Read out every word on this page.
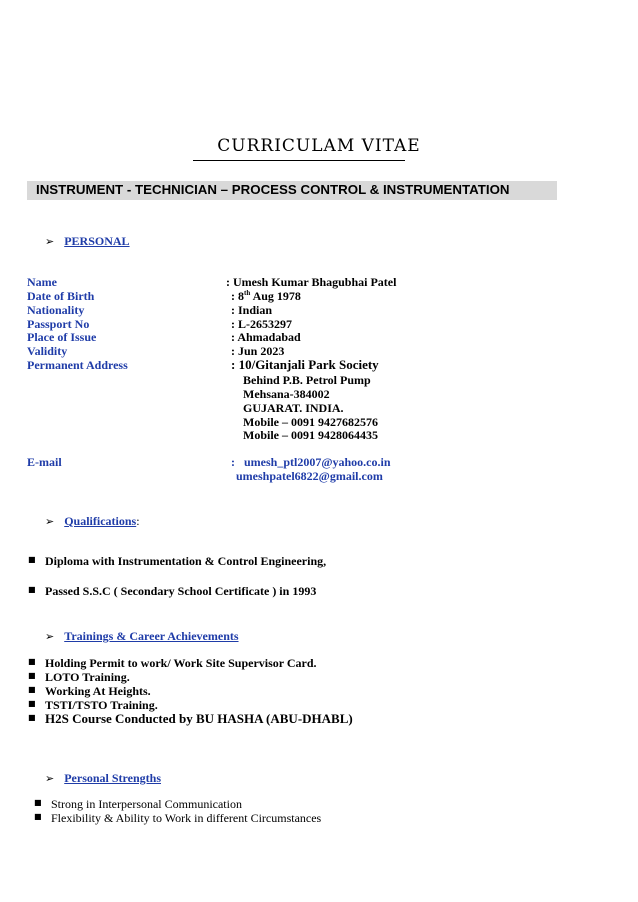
CURRICULAM VITAE
INSTRUMENT - TECHNICIAN – PROCESS CONTROL & INSTRUMENTATION
➢ PERSONAL
Name	: Umesh Kumar Bhagubhai Patel
Date of Birth	: 8th Aug 1978
Nationality	: Indian
Passport No	: L-2653297
Place of Issue	: Ahmadabad
Validity	: Jun 2023
Permanent Address	: 10/Gitanjali Park Society
Behind P.B. Petrol Pump
Mehsana-384002
GUJARAT. INDIA.
Mobile – 0091 9427682576
Mobile – 0091 9428064435
E-mail	: umesh_ptl2007@yahoo.co.in
umeshpatel6822@gmail.com
➢ Qualifications:
■ Diploma with Instrumentation & Control Engineering,
■ Passed S.S.C ( Secondary School Certificate ) in 1993
➢ Trainings & Career Achievements
■ Holding Permit to work/ Work Site Supervisor Card.
■ LOTO Training.
■ Working At Heights.
■ TSTI/TSTO Training.
■ H2S Course Conducted by BU HASHA (ABU-DHABL)
➢ Personal Strengths
■ Strong in Interpersonal Communication
■ Flexibility & Ability to Work in different Circumstances
